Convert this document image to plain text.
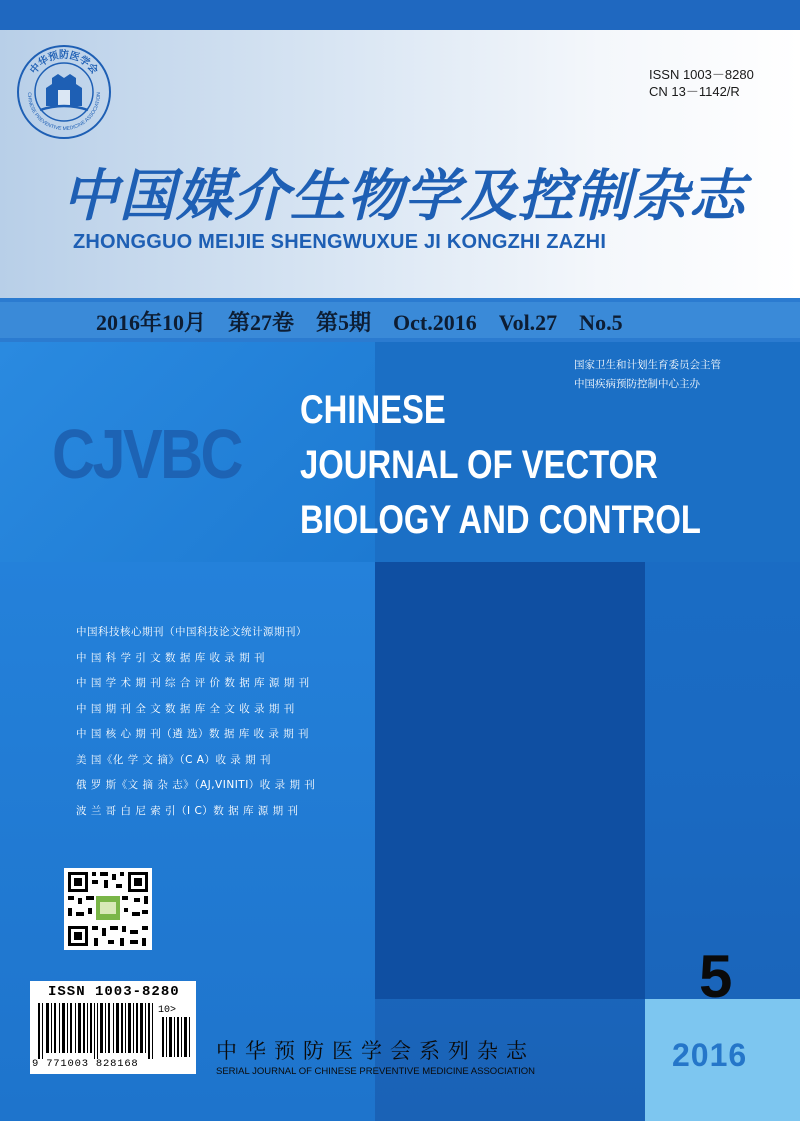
中华预防医学会
CHINESE PREVENTIVE MEDICINE ASSOCIATION
ISSN 1003－8280
CN 13－1142/R
中国媒介生物学及控制杂志
ZHONGGUO MEIJIE SHENGWUXUE JI KONGZHI ZAZHI
2016年10月　第27卷　第5期　Oct.2016　Vol.27　No.5
国家卫生和计划生育委员会主管
中国疾病预防控制中心主办
CJVBC
CHINESE
JOURNAL OF VECTOR
BIOLOGY AND CONTROL
中国科技核心期刊（中国科技论文统计源期刊）
中 国 科 学 引 文 数 据 库 收 录 期 刊
中 国 学 术 期 刊 综 合 评 价 数 据 库 源 期 刊
中 国 期 刊 全 文 数 据 库 全 文 收 录 期 刊
中 国 核 心 期 刊（遴 选）数 据 库 收 录 期 刊
美 国《化 学 文 摘》（C A）收 录 期 刊
俄 罗 斯《文 摘 杂 志》（AJ,VINITI）收 录 期 刊
波 兰 哥 白 尼 索 引（I C）数 据 库 源 期 刊
ISSN 1003-8280
10>
9 771003 828168
5
中华预防医学会系列杂志
SERIAL JOURNAL OF CHINESE PREVENTIVE MEDICINE ASSOCIATION	2016
